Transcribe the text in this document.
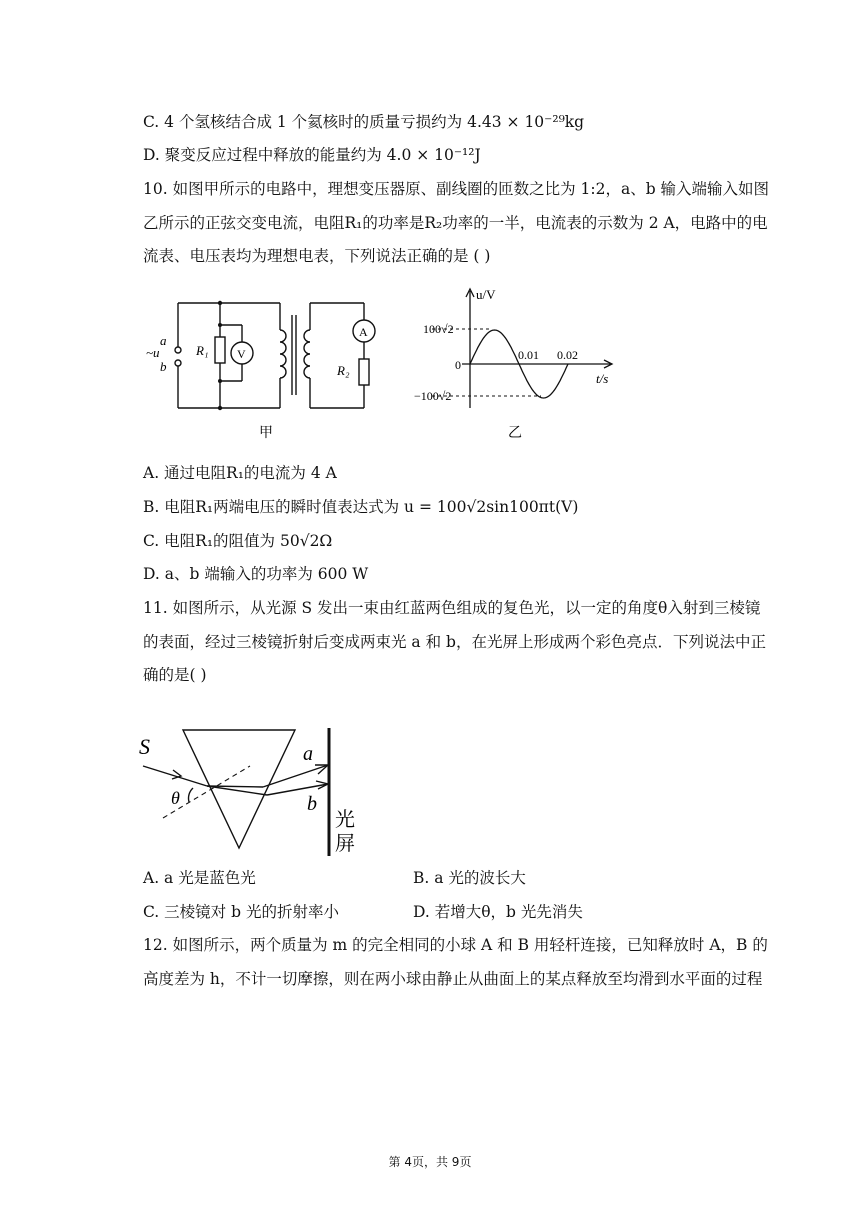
C. 4 个氢核结合成 1 个氦核时的质量亏损约为 4.43 × 10⁻²⁹kg
D. 聚变反应过程中释放的能量约为 4.0 × 10⁻¹²J
10. 如图甲所示的电路中，理想变压器原、副线圈的匝数之比为 1:2，a、b 输入端输入如图
乙所示的正弦交变电流，电阻R₁的功率是R₂功率的一半，电流表的示数为 2 A，电路中的电
流表、电压表均为理想电表，下列说法正确的是 ( )
a
~u
b
R₁ V
A
R₂
甲
u/V
t/s
0
100√2
−100√2
0.01 0.02
乙
A. 通过电阻R₁的电流为 4 A
B. 电阻R₁两端电压的瞬时值表达式为 u = 100√2sin100πt(V)
C. 电阻R₁的阻值为 50√2Ω
D. a、b 端输入的功率为 600 W
11. 如图所示，从光源 S 发出一束由红蓝两色组成的复色光，以一定的角度θ入射到三棱镜
的表面，经过三棱镜折射后变成两束光 a 和 b，在光屏上形成两个彩色亮点．下列说法中正
确的是( )
S
θ
a
b
光
屏
A. a 光是蓝色光	B. a 光的波长大
C. 三棱镜对 b 光的折射率小	D. 若增大θ，b 光先消失
12. 如图所示，两个质量为 m 的完全相同的小球 A 和 B 用轻杆连接，已知释放时 A，B 的
高度差为 h，不计一切摩擦，则在两小球由静止从曲面上的某点释放至均滑到水平面的过程
第 4页，共 9页
